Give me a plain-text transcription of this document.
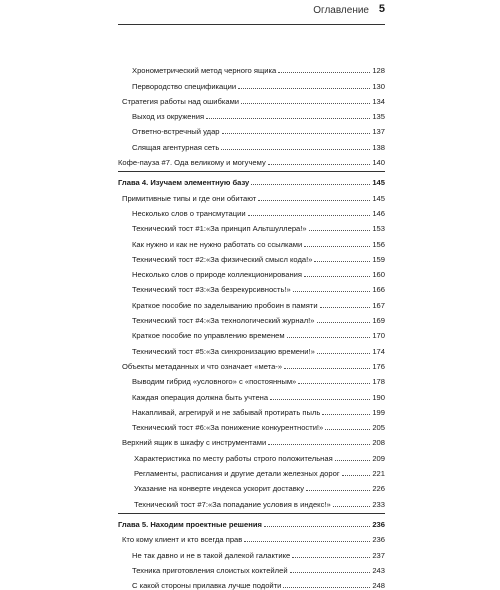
Оглавление 5
Хронометрический метод черного ящика	128
Первородство спецификации	130
Стратегия работы над ошибками	134
Выход из окружения	135
Ответно-встречный удар	137
Слящая агентурная сеть	138
Кофе-пауза #7. Ода великому и могучему	140
Глава 4. Изучаем элементную базу	145
Примитивные типы и где они обитают	145
Несколько слов о трансмутации	146
Технический тост #1:«За принцип Альтшуллера!»	153
Как нужно и как не нужно работать со ссылками	156
Технический тост #2:«За физический смысл кода!»	159
Несколько слов о природе коллекционирования	160
Технический тост #3:«За безрекурсивность!»	166
Краткое пособие по заделыванию пробоин в памяти	167
Технический тост #4:«За технологический журнал!»	169
Краткое пособие по управлению временем	170
Технический тост #5:«За синхронизацию времени!»	174
Объекты метаданных и что означает «мета-»	176
Выводим гибрид «условного» с «постоянным»	178
Каждая операция должна быть учтена	190
Накапливай, агрегируй и не забывай протирать пыль	199
Технический тост #6:«За понижение конкурентности!»	205
Верхний ящик в шкафу с инструментами	208
Характеристика по месту работы строго положительная	209
Регламенты, расписания и другие детали железных дорог	221
Указание на конверте индекса ускорит доставку	226
Технический тост #7:«За попадание условия в индекс!»	233
Глава 5. Находим проектные решения	236
Кто кому клиент и кто всегда прав	236
Не так давно и не в такой далекой галактике	237
Техника приготовления слоистых коктейлей	243
С какой стороны прилавка лучше подойти	248
